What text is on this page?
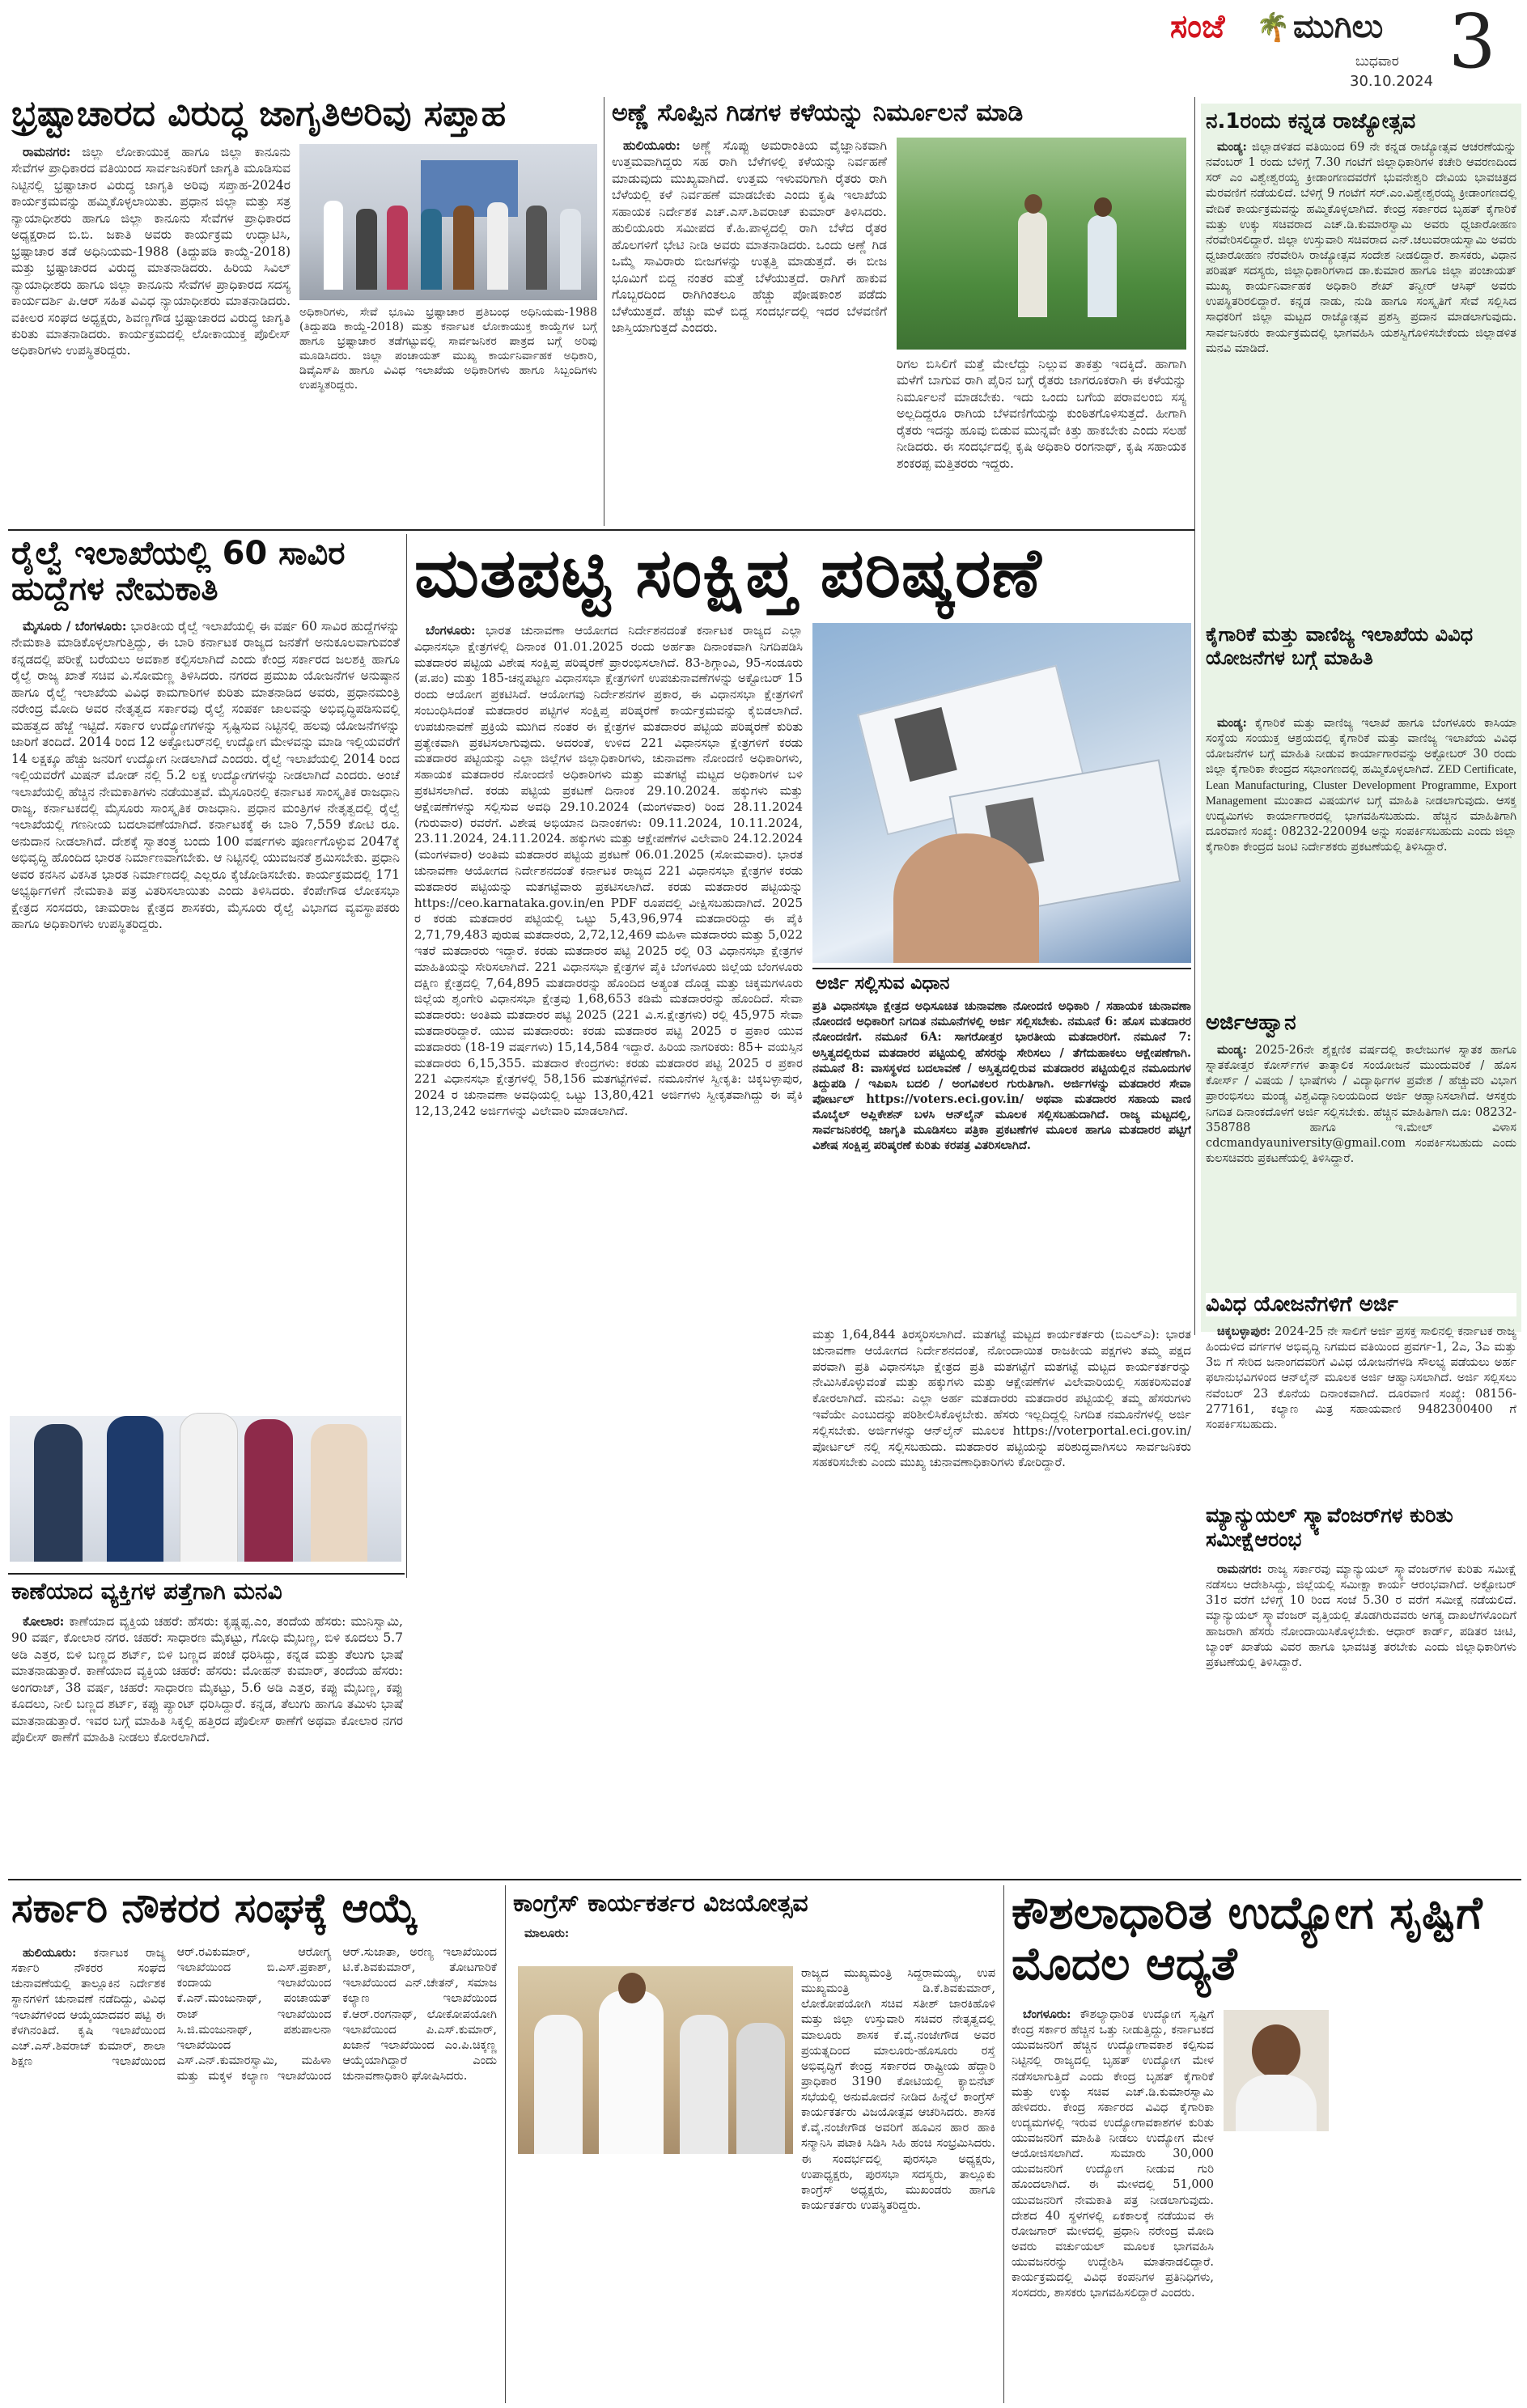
ಸಂಜೆ 🌴 ಮುಗಿಲು
ಬುಧವಾರ
30.10.2024 3
ಭ್ರಷ್ಟಾಚಾರದ ವಿರುದ್ಧ ಜಾಗೃತಿಅರಿವು ಸಪ್ತಾಹ

ರಾಮನಗರ: ಜಿಲ್ಲಾ ಲೋಕಾಯುಕ್ತ ಹಾಗೂ ಜಿಲ್ಲಾ ಕಾನೂನು ಸೇವೆಗಳ ಪ್ರಾಧಿಕಾರದ ವತಿಯಿಂದ ಸಾರ್ವಜನಿಕರಿಗೆ ಜಾಗೃತಿ ಮೂಡಿಸುವ ನಿಟ್ಟಿನಲ್ಲಿ ಭ್ರಷ್ಟಾಚಾರ ವಿರುದ್ಧ ಜಾಗೃತಿ ಅರಿವು ಸಪ್ತಾಹ-2024ರ ಕಾರ್ಯಕ್ರಮವನ್ನು ಹಮ್ಮಿಕೊಳ್ಳಲಾಯಿತು. ಪ್ರಧಾನ ಜಿಲ್ಲಾ ಮತ್ತು ಸತ್ರ ನ್ಯಾಯಾಧೀಶರು ಹಾಗೂ ಜಿಲ್ಲಾ ಕಾನೂನು ಸೇವೆಗಳ ಪ್ರಾಧಿಕಾರದ ಅಧ್ಯಕ್ಷರಾದ ಬಿ.ಬಿ. ಜಕಾತಿ ಅವರು ಕಾರ್ಯಕ್ರಮ ಉದ್ಘಾಟಿಸಿ, ಭ್ರಷ್ಟಾಚಾರ ತಡೆ ಅಧಿನಿಯಮ-1988 (ತಿದ್ದುಪಡಿ ಕಾಯ್ದೆ-2018) ಮತ್ತು ಭ್ರಷ್ಟಾಚಾರದ ವಿರುದ್ಧ ಮಾತನಾಡಿದರು. ಹಿರಿಯ ಸಿವಿಲ್ ನ್ಯಾಯಾಧೀಶರು ಹಾಗೂ ಜಿಲ್ಲಾ ಕಾನೂನು ಸೇವೆಗಳ ಪ್ರಾಧಿಕಾರದ ಸದಸ್ಯ ಕಾರ್ಯದರ್ಶಿ ಪಿ.ಆರ್ ಸಹಿತ ವಿವಿಧ ನ್ಯಾಯಾಧೀಶರು ಮಾತನಾಡಿದರು. ವಕೀಲರ ಸಂಘದ ಅಧ್ಯಕ್ಷರು, ಶಿವಣ್ಣಗೌಡ ಭ್ರಷ್ಟಾಚಾರದ ವಿರುದ್ಧ ಜಾಗೃತಿ ಕುರಿತು ಮಾತನಾಡಿದರು. ಕಾರ್ಯಕ್ರಮದಲ್ಲಿ ಲೋಕಾಯುಕ್ತ ಪೊಲೀಸ್ ಅಧಿಕಾರಿಗಳು ಉಪಸ್ಥಿತರಿದ್ದರು.

ಅಧಿಕಾರಿಗಳು, ಸೇವೆ ಭೂಮಿ ಭ್ರಷ್ಟಾಚಾರ ಪ್ರತಿಬಂಧ ಅಧಿನಿಯಮ-1988 (ತಿದ್ದುಪಡಿ ಕಾಯ್ದೆ-2018) ಮತ್ತು ಕರ್ನಾಟಕ ಲೋಕಾಯುಕ್ತ ಕಾಯ್ದೆಗಳ ಬಗ್ಗೆ ಹಾಗೂ ಭ್ರಷ್ಟಾಚಾರ ತಡೆಗಟ್ಟುವಲ್ಲಿ ಸಾರ್ವಜನಿಕರ ಪಾತ್ರದ ಬಗ್ಗೆ ಅರಿವು ಮೂಡಿಸಿದರು. ಜಿಲ್ಲಾ ಪಂಚಾಯತ್ ಮುಖ್ಯ ಕಾರ್ಯನಿರ್ವಾಹಕ ಅಧಿಕಾರಿ, ಡಿವೈಎಸ್‌ಪಿ ಹಾಗೂ ವಿವಿಧ ಇಲಾಖೆಯ ಅಧಿಕಾರಿಗಳು ಹಾಗೂ ಸಿಬ್ಬಂದಿಗಳು ಉಪಸ್ಥಿತರಿದ್ದರು.
ಅಣ್ಣೆ ಸೊಪ್ಪಿನ ಗಿಡಗಳ ಕಳೆಯನ್ನು ನಿರ್ಮೂಲನೆ ಮಾಡಿ

ಹುಲಿಯೂರು: ಅಣ್ಣೆ ಸೊಪ್ಪು ಅಮರಾಂತಿಯ ವೈಜ್ಞಾನಿಕವಾಗಿ ಉತ್ತಮವಾಗಿದ್ದರು ಸಹ ರಾಗಿ ಬೆಳೆಗಳಲ್ಲಿ ಕಳೆಯನ್ನು ನಿರ್ವಹಣೆ ಮಾಡುವುದು ಮುಖ್ಯವಾಗಿದೆ. ಉತ್ತಮ ಇಳುವರಿಗಾಗಿ ರೈತರು ರಾಗಿ ಬೆಳೆಯಲ್ಲಿ ಕಳೆ ನಿರ್ವಹಣೆ ಮಾಡಬೇಕು ಎಂದು ಕೃಷಿ ಇಲಾಖೆಯ ಸಹಾಯಕ ನಿರ್ದೇಶಕ ಎಚ್.ಎಸ್.ಶಿವರಾಜ್ ಕುಮಾರ್ ತಿಳಿಸಿದರು. ಹುಲಿಯೂರು ಸಮೀಪದ ಕೆ.ಹಿ.ಪಾಳ್ಯದಲ್ಲಿ ರಾಗಿ ಬೆಳೆದ ರೈತರ ಹೊಲಗಳಿಗೆ ಭೇಟಿ ನೀಡಿ ಅವರು ಮಾತನಾಡಿದರು. ಒಂದು ಅಣ್ಣೆ ಗಿಡ ಒಮ್ಮೆ ಸಾವಿರಾರು ಬೀಜಗಳನ್ನು ಉತ್ಪತ್ತಿ ಮಾಡುತ್ತದೆ. ಈ ಬೀಜ ಭೂಮಿಗೆ ಬಿದ್ದ ನಂತರ ಮತ್ತೆ ಬೆಳೆಯುತ್ತದೆ. ರಾಗಿಗೆ ಹಾಕುವ ಗೊಬ್ಬರದಿಂದ ರಾಗಿಗಿಂತಲೂ ಹೆಚ್ಚು ಪೋಷಕಾಂಶ ಪಡೆದು ಬೆಳೆಯುತ್ತದೆ. ಹೆಚ್ಚು ಮಳೆ ಬಿದ್ದ ಸಂದರ್ಭದಲ್ಲಿ ಇದರ ಬೆಳವಣಿಗೆ ಜಾಸ್ತಿಯಾಗುತ್ತದೆ ಎಂದರು.

ರಿಗಲ ಬಿಸಿಲಿಗೆ ಮತ್ತೆ ಮೇಲೆದ್ದು ನಿಲ್ಲುವ ತಾಕತ್ತು ಇದಕ್ಕಿದೆ. ಹಾಗಾಗಿ ಮಳೆಗೆ ಬಾಗುವ ರಾಗಿ ಪೈರಿನ ಬಗ್ಗೆ ರೈತರು ಜಾಗರೂಕರಾಗಿ ಈ ಕಳೆಯನ್ನು ನಿರ್ಮೂಲನೆ ಮಾಡಬೇಕು. ಇದು ಒಂದು ಬಗೆಯ ಪರಾವಲಂಬಿ ಸಸ್ಯ ಅಲ್ಲದಿದ್ದರೂ ರಾಗಿಯ ಬೆಳವಣಿಗೆಯನ್ನು ಕುಂಠಿತಗೊಳಿಸುತ್ತದೆ. ಹೀಗಾಗಿ ರೈತರು ಇದನ್ನು ಹೂವು ಬಿಡುವ ಮುನ್ನವೇ ಕಿತ್ತು ಹಾಕಬೇಕು ಎಂದು ಸಲಹೆ ನೀಡಿದರು. ಈ ಸಂದರ್ಭದಲ್ಲಿ ಕೃಷಿ ಅಧಿಕಾರಿ ರಂಗನಾಥ್, ಕೃಷಿ ಸಹಾಯಕ ಶಂಕರಪ್ಪ ಮತ್ತಿತರರು ಇದ್ದರು.
ನ.1ರಂದು ಕನ್ನಡ ರಾಜ್ಯೋತ್ಸವ

ಮಂಡ್ಯ: ಜಿಲ್ಲಾಡಳಿತದ ವತಿಯಿಂದ 69 ನೇ ಕನ್ನಡ ರಾಜ್ಯೋತ್ಸವ ಆಚರಣೆಯನ್ನು ನವೆಂಬರ್ 1 ರಂದು ಬೆಳಿಗ್ಗೆ 7.30 ಗಂಟೆಗೆ ಜಿಲ್ಲಾಧಿಕಾರಿಗಳ ಕಚೇರಿ ಆವರಣದಿಂದ ಸರ್ ಎಂ ವಿಶ್ವೇಶ್ವರಯ್ಯ ಕ್ರೀಡಾಂಗಣದವರೆಗೆ ಭುವನೇಶ್ವರಿ ದೇವಿಯ ಭಾವಚಿತ್ರದ ಮೆರವಣಿಗೆ ನಡೆಯಲಿದೆ. ಬೆಳಿಗ್ಗೆ 9 ಗಂಟೆಗೆ ಸರ್.ಎಂ.ವಿಶ್ವೇಶ್ವರಯ್ಯ ಕ್ರೀಡಾಂಗಣದಲ್ಲಿ ವೇದಿಕೆ ಕಾರ್ಯಕ್ರಮವನ್ನು ಹಮ್ಮಿಕೊಳ್ಳಲಾಗಿದೆ. ಕೇಂದ್ರ ಸರ್ಕಾರದ ಬೃಹತ್ ಕೈಗಾರಿಕೆ ಮತ್ತು ಉಕ್ಕು ಸಚಿವರಾದ ಎಚ್.ಡಿ.ಕುಮಾರಸ್ವಾಮಿ ಅವರು ಧ್ವಜಾರೋಹಣ ನೆರವೇರಿಸಲಿದ್ದಾರೆ. ಜಿಲ್ಲಾ ಉಸ್ತುವಾರಿ ಸಚಿವರಾದ ಎನ್.ಚಲುವರಾಯಸ್ವಾಮಿ ಅವರು ಧ್ವಜಾರೋಹಣ ನೆರವೇರಿಸಿ ರಾಜ್ಯೋತ್ಸವ ಸಂದೇಶ ನೀಡಲಿದ್ದಾರೆ. ಶಾಸಕರು, ವಿಧಾನ ಪರಿಷತ್ ಸದಸ್ಯರು, ಜಿಲ್ಲಾಧಿಕಾರಿಗಳಾದ ಡಾ.ಕುಮಾರ ಹಾಗೂ ಜಿಲ್ಲಾ ಪಂಚಾಯತ್ ಮುಖ್ಯ ಕಾರ್ಯನಿರ್ವಾಹಕ ಅಧಿಕಾರಿ ಶೇಖ್ ತನ್ವೀರ್ ಆಸಿಫ್ ಅವರು ಉಪಸ್ಥಿತರಿರಲಿದ್ದಾರೆ. ಕನ್ನಡ ನಾಡು, ನುಡಿ ಹಾಗೂ ಸಂಸ್ಕೃತಿಗೆ ಸೇವೆ ಸಲ್ಲಿಸಿದ ಸಾಧಕರಿಗೆ ಜಿಲ್ಲಾ ಮಟ್ಟದ ರಾಜ್ಯೋತ್ಸವ ಪ್ರಶಸ್ತಿ ಪ್ರದಾನ ಮಾಡಲಾಗುವುದು. ಸಾರ್ವಜನಿಕರು ಕಾರ್ಯಕ್ರಮದಲ್ಲಿ ಭಾಗವಹಿಸಿ ಯಶಸ್ವಿಗೊಳಿಸಬೇಕೆಂದು ಜಿಲ್ಲಾಡಳಿತ ಮನವಿ ಮಾಡಿದೆ.

ಕೈಗಾರಿಕೆ ಮತ್ತು ವಾಣಿಜ್ಯ ಇಲಾಖೆಯ ವಿವಿಧ ಯೋಜನೆಗಳ ಬಗ್ಗೆ ಮಾಹಿತಿ

ಮಂಡ್ಯ: ಕೈಗಾರಿಕೆ ಮತ್ತು ವಾಣಿಜ್ಯ ಇಲಾಖೆ ಹಾಗೂ ಬೆಂಗಳೂರು ಕಾಸಿಯಾ ಸಂಸ್ಥೆಯ ಸಂಯುಕ್ತ ಆಶ್ರಯದಲ್ಲಿ ಕೈಗಾರಿಕೆ ಮತ್ತು ವಾಣಿಜ್ಯ ಇಲಾಖೆಯ ವಿವಿಧ ಯೋಜನೆಗಳ ಬಗ್ಗೆ ಮಾಹಿತಿ ನೀಡುವ ಕಾರ್ಯಾಗಾರವನ್ನು ಅಕ್ಟೋಬರ್ 30 ರಂದು ಜಿಲ್ಲಾ ಕೈಗಾರಿಕಾ ಕೇಂದ್ರದ ಸಭಾಂಗಣದಲ್ಲಿ ಹಮ್ಮಿಕೊಳ್ಳಲಾಗಿದೆ. ZED Certificate, Lean Manufacturing, Cluster Development Programme, Export Management ಮುಂತಾದ ವಿಷಯಗಳ ಬಗ್ಗೆ ಮಾಹಿತಿ ನೀಡಲಾಗುವುದು. ಆಸಕ್ತ ಉದ್ಯಮಿಗಳು ಕಾರ್ಯಾಗಾರದಲ್ಲಿ ಭಾಗವಹಿಸಬಹುದು. ಹೆಚ್ಚಿನ ಮಾಹಿತಿಗಾಗಿ ದೂರವಾಣಿ ಸಂಖ್ಯೆ: 08232-220094 ಅನ್ನು ಸಂಪರ್ಕಿಸಬಹುದು ಎಂದು ಜಿಲ್ಲಾ ಕೈಗಾರಿಕಾ ಕೇಂದ್ರದ ಜಂಟಿ ನಿರ್ದೇಶಕರು ಪ್ರಕಟಣೆಯಲ್ಲಿ ತಿಳಿಸಿದ್ದಾರೆ.

ಅರ್ಜಿಆಹ್ವಾನ

ಮಂಡ್ಯ: 2025-26ನೇ ಶೈಕ್ಷಣಿಕ ವರ್ಷದಲ್ಲಿ ಕಾಲೇಜುಗಳ ಸ್ನಾತಕ ಹಾಗೂ ಸ್ನಾತಕೋತ್ತರ ಕೋರ್ಸ್‌ಗಳ ತಾತ್ಕಾಲಿಕ ಸಂಯೋಜನೆ ಮುಂದುವರಿಕೆ / ಹೊಸ ಕೋರ್ಸ್ / ವಿಷಯ / ಭಾಷೆಗಳು / ವಿದ್ಯಾರ್ಥಿಗಳ ಪ್ರವೇಶ / ಹೆಚ್ಚುವರಿ ವಿಭಾಗ ಪ್ರಾರಂಭಿಸಲು ಮಂಡ್ಯ ವಿಶ್ವವಿದ್ಯಾನಿಲಯದಿಂದ ಅರ್ಜಿ ಆಹ್ವಾನಿಸಲಾಗಿದೆ. ಆಸಕ್ತರು ನಿಗದಿತ ದಿನಾಂಕದೊಳಗೆ ಅರ್ಜಿ ಸಲ್ಲಿಸಬೇಕು. ಹೆಚ್ಚಿನ ಮಾಹಿತಿಗಾಗಿ ದೂ: 08232-358788 ಹಾಗೂ ಇ.ಮೇಲ್ ವಿಳಾಸ cdcmandyauniversity@gmail.com ಸಂಪರ್ಕಿಸಬಹುದು ಎಂದು ಕುಲಸಚಿವರು ಪ್ರಕಟಣೆಯಲ್ಲಿ ತಿಳಿಸಿದ್ದಾರೆ.

ವಿವಿಧ ಯೋಜನೆಗಳಿಗೆ ಅರ್ಜಿ

ಚಿಕ್ಕಬಳ್ಳಾಪುರ: 2024-25 ನೇ ಸಾಲಿಗೆ ಅರ್ಜಿ ಪ್ರಸಕ್ತ ಸಾಲಿನಲ್ಲಿ ಕರ್ನಾಟಕ ರಾಜ್ಯ ಹಿಂದುಳಿದ ವರ್ಗಗಳ ಅಭಿವೃದ್ಧಿ ನಿಗಮದ ವತಿಯಿಂದ ಪ್ರವರ್ಗ-1, 2ಎ, 3ಎ ಮತ್ತು 3ಬಿ ಗೆ ಸೇರಿದ ಜನಾಂಗದವರಿಗೆ ವಿವಿಧ ಯೋಜನೆಗಳಡಿ ಸೌಲಭ್ಯ ಪಡೆಯಲು ಅರ್ಹ ಫಲಾನುಭವಿಗಳಿಂದ ಆನ್‌ಲೈನ್ ಮೂಲಕ ಅರ್ಜಿ ಆಹ್ವಾನಿಸಲಾಗಿದೆ. ಅರ್ಜಿ ಸಲ್ಲಿಸಲು ನವೆಂಬರ್ 23 ಕೊನೆಯ ದಿನಾಂಕವಾಗಿದೆ. ದೂರವಾಣಿ ಸಂಖ್ಯೆ: 08156-277161, ಕಲ್ಯಾಣ ಮಿತ್ರ ಸಹಾಯವಾಣಿ 9482300400 ಗೆ ಸಂಪರ್ಕಿಸಬಹುದು.

ಮ್ಯಾನ್ಯುಯಲ್ ಸ್ಕ್ಯಾವೆಂಜರ್‌ಗಳ ಕುರಿತು ಸಮೀಕ್ಷೆಆರಂಭ

ರಾಮನಗರ: ರಾಜ್ಯ ಸರ್ಕಾರವು ಮ್ಯಾನ್ಯುಯಲ್ ಸ್ಕ್ಯಾವೆಂಜರ್‌ಗಳ ಕುರಿತು ಸಮೀಕ್ಷೆ ನಡೆಸಲು ಆದೇಶಿಸಿದ್ದು, ಜಿಲ್ಲೆಯಲ್ಲಿ ಸಮೀಕ್ಷಾ ಕಾರ್ಯ ಆರಂಭವಾಗಿದೆ. ಅಕ್ಟೋಬರ್ 31ರ ವರೆಗೆ ಬೆಳಿಗ್ಗೆ 10 ರಿಂದ ಸಂಜೆ 5.30 ರ ವರೆಗೆ ಸಮೀಕ್ಷೆ ನಡೆಯಲಿದೆ. ಮ್ಯಾನ್ಯುಯಲ್ ಸ್ಕ್ಯಾವೆಂಜರ್ ವೃತ್ತಿಯಲ್ಲಿ ತೊಡಗಿರುವವರು ಅಗತ್ಯ ದಾಖಲೆಗಳೊಂದಿಗೆ ಹಾಜರಾಗಿ ಹೆಸರು ನೋಂದಾಯಿಸಿಕೊಳ್ಳಬೇಕು. ಆಧಾರ್ ಕಾರ್ಡ್, ಪಡಿತರ ಚೀಟಿ, ಬ್ಯಾಂಕ್ ಖಾತೆಯ ವಿವರ ಹಾಗೂ ಭಾವಚಿತ್ರ ತರಬೇಕು ಎಂದು ಜಿಲ್ಲಾಧಿಕಾರಿಗಳು ಪ್ರಕಟಣೆಯಲ್ಲಿ ತಿಳಿಸಿದ್ದಾರೆ.

ರೈಲ್ವೆ ಇಲಾಖೆಯಲ್ಲಿ 60 ಸಾವಿರ ಹುದ್ದೆಗಳ ನೇಮಕಾತಿ

ಮೈಸೂರು / ಬೆಂಗಳೂರು: ಭಾರತೀಯ ರೈಲ್ವೆ ಇಲಾಖೆಯಲ್ಲಿ ಈ ವರ್ಷ 60 ಸಾವಿರ ಹುದ್ದೆಗಳನ್ನು ನೇಮಕಾತಿ ಮಾಡಿಕೊಳ್ಳಲಾಗುತ್ತಿದ್ದು, ಈ ಬಾರಿ ಕರ್ನಾಟಕ ರಾಜ್ಯದ ಜನತೆಗೆ ಅನುಕೂಲವಾಗುವಂತೆ ಕನ್ನಡದಲ್ಲಿ ಪರೀಕ್ಷೆ ಬರೆಯಲು ಅವಕಾಶ ಕಲ್ಪಿಸಲಾಗಿದೆ ಎಂದು ಕೇಂದ್ರ ಸರ್ಕಾರದ ಜಲಶಕ್ತಿ ಹಾಗೂ ರೈಲ್ವೆ ರಾಜ್ಯ ಖಾತೆ ಸಚಿವ ವಿ.ಸೋಮಣ್ಣ ತಿಳಿಸಿದರು. ನಗರದ ಪ್ರಮುಖ ಯೋಜನೆಗಳ ಅನುಷ್ಠಾನ ಹಾಗೂ ರೈಲ್ವೆ ಇಲಾಖೆಯ ವಿವಿಧ ಕಾಮಗಾರಿಗಳ ಕುರಿತು ಮಾತನಾಡಿದ ಅವರು, ಪ್ರಧಾನಮಂತ್ರಿ ನರೇಂದ್ರ ಮೋದಿ ಅವರ ನೇತೃತ್ವದ ಸರ್ಕಾರವು ರೈಲ್ವೆ ಸಂಪರ್ಕ ಜಾಲವನ್ನು ಅಭಿವೃದ್ಧಿಪಡಿಸುವಲ್ಲಿ ಮಹತ್ವದ ಹೆಜ್ಜೆ ಇಟ್ಟಿದೆ. ಸರ್ಕಾರ ಉದ್ಯೋಗಗಳನ್ನು ಸೃಷ್ಟಿಸುವ ನಿಟ್ಟಿನಲ್ಲಿ ಹಲವು ಯೋಜನೆಗಳನ್ನು ಜಾರಿಗೆ ತಂದಿದೆ. 2014 ರಿಂದ 12 ಅಕ್ಟೋಬರ್‌ನಲ್ಲಿ ಉದ್ಯೋಗ ಮೇಳವನ್ನು ಮಾಡಿ ಇಲ್ಲಿಯವರೆಗೆ 14 ಲಕ್ಷಕ್ಕೂ ಹೆಚ್ಚು ಜನರಿಗೆ ಉದ್ಯೋಗ ನೀಡಲಾಗಿದೆ ಎಂದರು. ರೈಲ್ವೆ ಇಲಾಖೆಯಲ್ಲಿ 2014 ರಿಂದ ಇಲ್ಲಿಯವರೆಗೆ ಮಿಷನ್ ಮೋಡ್ ನಲ್ಲಿ 5.2 ಲಕ್ಷ ಉದ್ಯೋಗಗಳನ್ನು ನೀಡಲಾಗಿದೆ ಎಂದರು. ಅಂಚೆ ಇಲಾಖೆಯಲ್ಲಿ ಹೆಚ್ಚಿನ ನೇಮಕಾತಿಗಳು ನಡೆಯುತ್ತವೆ. ಮೈಸೂರಿನಲ್ಲಿ ಕರ್ನಾಟಕ ಸಾಂಸ್ಕೃತಿಕ ರಾಜಧಾನಿ ರಾಜ್ಯ, ಕರ್ನಾಟಕದಲ್ಲಿ ಮೈಸೂರು ಸಾಂಸ್ಕೃತಿಕ ರಾಜಧಾನಿ. ಪ್ರಧಾನ ಮಂತ್ರಿಗಳ ನೇತೃತ್ವದಲ್ಲಿ ರೈಲ್ವೆ ಇಲಾಖೆಯಲ್ಲಿ ಗಣನೀಯ ಬದಲಾವಣೆಯಾಗಿದೆ. ಕರ್ನಾಟಕಕ್ಕೆ ಈ ಬಾರಿ 7,559 ಕೋಟಿ ರೂ. ಅನುದಾನ ನೀಡಲಾಗಿದೆ. ದೇಶಕ್ಕೆ ಸ್ವಾತಂತ್ರ್ಯ ಬಂದು 100 ವರ್ಷಗಳು ಪೂರ್ಣಗೊಳ್ಳುವ 2047ಕ್ಕೆ ಅಭಿವೃದ್ಧಿ ಹೊಂದಿದ ಭಾರತ ನಿರ್ಮಾಣವಾಗಬೇಕು. ಆ ನಿಟ್ಟಿನಲ್ಲಿ ಯುವಜನತೆ ಶ್ರಮಿಸಬೇಕು. ಪ್ರಧಾನಿ ಅವರ ಕನಸಿನ ವಿಕಸಿತ ಭಾರತ ನಿರ್ಮಾಣದಲ್ಲಿ ಎಲ್ಲರೂ ಕೈಜೋಡಿಸಬೇಕು. ಕಾರ್ಯಕ್ರಮದಲ್ಲಿ 171 ಅಭ್ಯರ್ಥಿಗಳಿಗೆ ನೇಮಕಾತಿ ಪತ್ರ ವಿತರಿಸಲಾಯಿತು ಎಂದು ತಿಳಿಸಿದರು. ಕೆಂಪೇಗೌಡ ಲೋಕಸಭಾ ಕ್ಷೇತ್ರದ ಸಂಸದರು, ಚಾಮರಾಜ ಕ್ಷೇತ್ರದ ಶಾಸಕರು, ಮೈಸೂರು ರೈಲ್ವೆ ವಿಭಾಗದ ವ್ಯವಸ್ಥಾಪಕರು ಹಾಗೂ ಅಧಿಕಾರಿಗಳು ಉಪಸ್ಥಿತರಿದ್ದರು.

ಮತಪಟ್ಟಿ ಸಂಕ್ಷಿಪ್ತ ಪರಿಷ್ಕರಣೆ

ಬೆಂಗಳೂರು: ಭಾರತ ಚುನಾವಣಾ ಆಯೋಗದ ನಿರ್ದೇಶನದಂತೆ ಕರ್ನಾಟಕ ರಾಜ್ಯದ ಎಲ್ಲಾ ವಿಧಾನಸಭಾ ಕ್ಷೇತ್ರಗಳಲ್ಲಿ ದಿನಾಂಕ 01.01.2025 ರಂದು ಅರ್ಹತಾ ದಿನಾಂಕವಾಗಿ ನಿಗದಿಪಡಿಸಿ ಮತದಾರರ ಪಟ್ಟಿಯ ವಿಶೇಷ ಸಂಕ್ಷಿಪ್ತ ಪರಿಷ್ಕರಣೆ ಪ್ರಾರಂಭಿಸಲಾಗಿದೆ. 83-ಶಿಗ್ಗಾಂವಿ, 95-ಸಂಡೂರು (ಪ.ಪಂ) ಮತ್ತು 185-ಚನ್ನಪಟ್ಟಣ ವಿಧಾನಸಭಾ ಕ್ಷೇತ್ರಗಳಿಗೆ ಉಪಚುನಾವಣೆಗಳನ್ನು ಅಕ್ಟೋಬರ್ 15 ರಂದು ಆಯೋಗ ಪ್ರಕಟಿಸಿದೆ. ಆಯೋಗವು ನಿರ್ದೇಶನಗಳ ಪ್ರಕಾರ, ಈ ವಿಧಾನಸಭಾ ಕ್ಷೇತ್ರಗಳಿಗೆ ಸಂಬಂಧಿಸಿದಂತೆ ಮತದಾರರ ಪಟ್ಟಿಗಳ ಸಂಕ್ಷಿಪ್ತ ಪರಿಷ್ಕರಣೆ ಕಾರ್ಯಕ್ರಮವನ್ನು ಕೈಬಿಡಲಾಗಿದೆ. ಉಪಚುನಾವಣೆ ಪ್ರಕ್ರಿಯೆ ಮುಗಿದ ನಂತರ ಈ ಕ್ಷೇತ್ರಗಳ ಮತದಾರರ ಪಟ್ಟಿಯ ಪರಿಷ್ಕರಣೆ ಕುರಿತು ಪ್ರತ್ಯೇಕವಾಗಿ ಪ್ರಕಟಿಸಲಾಗುವುದು. ಅದರಂತೆ, ಉಳಿದ 221 ವಿಧಾನಸಭಾ ಕ್ಷೇತ್ರಗಳಿಗೆ ಕರಡು ಮತದಾರರ ಪಟ್ಟಿಯನ್ನು ಎಲ್ಲಾ ಜಿಲ್ಲೆಗಳ ಜಿಲ್ಲಾಧಿಕಾರಿಗಳು, ಚುನಾವಣಾ ನೋಂದಣಿ ಅಧಿಕಾರಿಗಳು, ಸಹಾಯಕ ಮತದಾರರ ನೋಂದಣಿ ಅಧಿಕಾರಿಗಳು ಮತ್ತು ಮತಗಟ್ಟೆ ಮಟ್ಟದ ಅಧಿಕಾರಿಗಳ ಬಳಿ ಪ್ರಕಟಿಸಲಾಗಿದೆ. ಕರಡು ಪಟ್ಟಿಯ ಪ್ರಕಟಣೆ ದಿನಾಂಕ 29.10.2024. ಹಕ್ಕುಗಳು ಮತ್ತು ಆಕ್ಷೇಪಣೆಗಳನ್ನು ಸಲ್ಲಿಸುವ ಅವಧಿ 29.10.2024 (ಮಂಗಳವಾರ) ರಿಂದ 28.11.2024 (ಗುರುವಾರ) ರವರೆಗೆ. ವಿಶೇಷ ಅಭಿಯಾನ ದಿನಾಂಕಗಳು: 09.11.2024, 10.11.2024, 23.11.2024, 24.11.2024. ಹಕ್ಕುಗಳು ಮತ್ತು ಆಕ್ಷೇಪಣೆಗಳ ವಿಲೇವಾರಿ 24.12.2024 (ಮಂಗಳವಾರ) ಅಂತಿಮ ಮತದಾರರ ಪಟ್ಟಿಯ ಪ್ರಕಟಣೆ 06.01.2025 (ಸೋಮವಾರ). ಭಾರತ ಚುನಾವಣಾ ಆಯೋಗದ ನಿರ್ದೇಶನದಂತೆ ಕರ್ನಾಟಕ ರಾಜ್ಯದ 221 ವಿಧಾನಸಭಾ ಕ್ಷೇತ್ರಗಳ ಕರಡು ಮತದಾರರ ಪಟ್ಟಿಯನ್ನು ಮತಗಟ್ಟೆವಾರು ಪ್ರಕಟಿಸಲಾಗಿದೆ. ಕರಡು ಮತದಾರರ ಪಟ್ಟಿಯನ್ನು https://ceo.karnataka.gov.in/en PDF ರೂಪದಲ್ಲಿ ವೀಕ್ಷಿಸಬಹುದಾಗಿದೆ. 2025 ರ ಕರಡು ಮತದಾರರ ಪಟ್ಟಿಯಲ್ಲಿ ಒಟ್ಟು 5,43,96,974 ಮತದಾರರಿದ್ದು ಈ ಪೈಕಿ 2,71,79,483 ಪುರುಷ ಮತದಾರರು, 2,72,12,469 ಮಹಿಳಾ ಮತದಾರರು ಮತ್ತು 5,022 ಇತರೆ ಮತದಾರರು ಇದ್ದಾರೆ. ಕರಡು ಮತದಾರರ ಪಟ್ಟಿ 2025 ರಲ್ಲಿ 03 ವಿಧಾನಸಭಾ ಕ್ಷೇತ್ರಗಳ ಮಾಹಿತಿಯನ್ನು ಸೇರಿಸಲಾಗಿದೆ. 221 ವಿಧಾನಸಭಾ ಕ್ಷೇತ್ರಗಳ ಪೈಕಿ ಬೆಂಗಳೂರು ಜಿಲ್ಲೆಯ ಬೆಂಗಳೂರು ದಕ್ಷಿಣ ಕ್ಷೇತ್ರದಲ್ಲಿ 7,64,895 ಮತದಾರರನ್ನು ಹೊಂದಿದ ಅತ್ಯಂತ ದೊಡ್ಡ ಮತ್ತು ಚಿಕ್ಕಮಗಳೂರು ಜಿಲ್ಲೆಯ ಶೃಂಗೇರಿ ವಿಧಾನಸಭಾ ಕ್ಷೇತ್ರವು 1,68,653 ಕಡಿಮೆ ಮತದಾರರನ್ನು ಹೊಂದಿದೆ. ಸೇವಾ ಮತದಾರರು: ಅಂತಿಮ ಮತದಾರರ ಪಟ್ಟಿ 2025 (221 ವಿ.ಸ.ಕ್ಷೇತ್ರಗಳು) ರಲ್ಲಿ 45,975 ಸೇವಾ ಮತದಾರರಿದ್ದಾರೆ. ಯುವ ಮತದಾರರು: ಕರಡು ಮತದಾರರ ಪಟ್ಟಿ 2025 ರ ಪ್ರಕಾರ ಯುವ ಮತದಾರರು (18-19 ವರ್ಷಗಳು) 15,14,584 ಇದ್ದಾರೆ. ಹಿರಿಯ ನಾಗರಿಕರು: 85+ ವಯಸ್ಸಿನ ಮತದಾರರು 6,15,355. ಮತದಾರ ಕೇಂದ್ರಗಳು: ಕರಡು ಮತದಾರರ ಪಟ್ಟಿ 2025 ರ ಪ್ರಕಾರ 221 ವಿಧಾನಸಭಾ ಕ್ಷೇತ್ರಗಳಲ್ಲಿ 58,156 ಮತಗಟ್ಟೆಗಳಿವೆ. ನಮೂನೆಗಳ ಸ್ವೀಕೃತಿ: ಚಿಕ್ಕಬಳ್ಳಾಪುರ, 2024 ರ ಚುನಾವಣಾ ಅವಧಿಯಲ್ಲಿ ಒಟ್ಟು 13,80,421 ಅರ್ಜಿಗಳು ಸ್ವೀಕೃತವಾಗಿದ್ದು ಈ ಪೈಕಿ 12,13,242 ಅರ್ಜಿಗಳನ್ನು ವಿಲೇವಾರಿ ಮಾಡಲಾಗಿದೆ.

ಅರ್ಜಿ ಸಲ್ಲಿಸುವ ವಿಧಾನ
ಪ್ರತಿ ವಿಧಾನಸಭಾ ಕ್ಷೇತ್ರದ ಅಧಿಸೂಚಿತ ಚುನಾವಣಾ ನೋಂದಣಿ ಅಧಿಕಾರಿ / ಸಹಾಯಕ ಚುನಾವಣಾ ನೋಂದಣಿ ಅಧಿಕಾರಿಗೆ ನಿಗದಿತ ನಮೂನೆಗಳಲ್ಲಿ ಅರ್ಜಿ ಸಲ್ಲಿಸಬೇಕು. ನಮೂನೆ 6: ಹೊಸ ಮತದಾರರ ನೋಂದಣಿಗೆ. ನಮೂನೆ 6A: ಸಾಗರೋತ್ತರ ಭಾರತೀಯ ಮತದಾರರಿಗೆ. ನಮೂನೆ 7: ಅಸ್ತಿತ್ವದಲ್ಲಿರುವ ಮತದಾರರ ಪಟ್ಟಿಯಲ್ಲಿ ಹೆಸರನ್ನು ಸೇರಿಸಲು / ತೆಗೆದುಹಾಕಲು ಆಕ್ಷೇಪಣೆಗಾಗಿ. ನಮೂನೆ 8: ವಾಸಸ್ಥಳದ ಬದಲಾವಣೆ / ಅಸ್ತಿತ್ವದಲ್ಲಿರುವ ಮತದಾರರ ಪಟ್ಟಿಯಲ್ಲಿನ ನಮೂದುಗಳ ತಿದ್ದುಪಡಿ / ಇಪಿಐಸಿ ಬದಲಿ / ಅಂಗವಿಕಲರ ಗುರುತಿಗಾಗಿ. ಅರ್ಜಿಗಳನ್ನು ಮತದಾರರ ಸೇವಾ ಪೋರ್ಟಲ್ https://voters.eci.gov.in/ ಅಥವಾ ಮತದಾರರ ಸಹಾಯ ವಾಣಿ ಮೊಬೈಲ್ ಅಪ್ಲಿಕೇಶನ್ ಬಳಸಿ ಆನ್‌ಲೈನ್ ಮೂಲಕ ಸಲ್ಲಿಸಬಹುದಾಗಿದೆ. ರಾಜ್ಯ ಮಟ್ಟದಲ್ಲಿ, ಸಾರ್ವಜನಿಕರಲ್ಲಿ ಜಾಗೃತಿ ಮೂಡಿಸಲು ಪತ್ರಿಕಾ ಪ್ರಕಟಣೆಗಳ ಮೂಲಕ ಹಾಗೂ ಮತದಾರರ ಪಟ್ಟಿಗೆ ವಿಶೇಷ ಸಂಕ್ಷಿಪ್ತ ಪರಿಷ್ಕರಣೆ ಕುರಿತು ಕರಪತ್ರ ವಿತರಿಸಲಾಗಿದೆ.
ಮತ್ತು 1,64,844 ತಿರಸ್ಕರಿಸಲಾಗಿದೆ. ಮತಗಟ್ಟೆ ಮಟ್ಟದ ಕಾರ್ಯಕರ್ತರು (ಬಿಎಲ್‌ಎ): ಭಾರತ ಚುನಾವಣಾ ಆಯೋಗದ ನಿರ್ದೇಶನದಂತೆ, ನೋಂದಾಯಿತ ರಾಜಕೀಯ ಪಕ್ಷಗಳು ತಮ್ಮ ಪಕ್ಷದ ಪರವಾಗಿ ಪ್ರತಿ ವಿಧಾನಸಭಾ ಕ್ಷೇತ್ರದ ಪ್ರತಿ ಮತಗಟ್ಟೆಗೆ ಮತಗಟ್ಟೆ ಮಟ್ಟದ ಕಾರ್ಯಕರ್ತರನ್ನು ನೇಮಿಸಿಕೊಳ್ಳುವಂತೆ ಮತ್ತು ಹಕ್ಕುಗಳು ಮತ್ತು ಆಕ್ಷೇಪಣೆಗಳ ವಿಲೇವಾರಿಯಲ್ಲಿ ಸಹಕರಿಸುವಂತೆ ಕೋರಲಾಗಿದೆ. ಮನವಿ: ಎಲ್ಲಾ ಅರ್ಹ ಮತದಾರರು ಮತದಾರರ ಪಟ್ಟಿಯಲ್ಲಿ ತಮ್ಮ ಹೆಸರುಗಳು ಇವೆಯೇ ಎಂಬುದನ್ನು ಪರಿಶೀಲಿಸಿಕೊಳ್ಳಬೇಕು. ಹೆಸರು ಇಲ್ಲದಿದ್ದಲ್ಲಿ ನಿಗದಿತ ನಮೂನೆಗಳಲ್ಲಿ ಅರ್ಜಿ ಸಲ್ಲಿಸಬೇಕು. ಅರ್ಜಿಗಳನ್ನು ಆನ್‌ಲೈನ್ ಮೂಲಕ https://voterportal.eci.gov.in/ ಪೋರ್ಟಲ್ ನಲ್ಲಿ ಸಲ್ಲಿಸಬಹುದು. ಮತದಾರರ ಪಟ್ಟಿಯನ್ನು ಪರಿಶುದ್ಧವಾಗಿಸಲು ಸಾರ್ವಜನಿಕರು ಸಹಕರಿಸಬೇಕು ಎಂದು ಮುಖ್ಯ ಚುನಾವಣಾಧಿಕಾರಿಗಳು ಕೋರಿದ್ದಾರೆ.
ಕಾಣೆಯಾದ ವ್ಯಕ್ತಿಗಳ ಪತ್ತೆಗಾಗಿ ಮನವಿ

ಕೋಲಾರ: ಕಾಣೆಯಾದ ವ್ಯಕ್ತಿಯ ಚಹರೆ: ಹೆಸರು: ಕೃಷ್ಣಪ್ಪ.ಎಂ, ತಂದೆಯ ಹೆಸರು: ಮುನಿಸ್ವಾಮಿ, 90 ವರ್ಷ, ಕೋಲಾರ ನಗರ. ಚಹರೆ: ಸಾಧಾರಣ ಮೈಕಟ್ಟು, ಗೋಧಿ ಮೈಬಣ್ಣ, ಬಿಳಿ ಕೂದಲು 5.7 ಅಡಿ ಎತ್ತರ, ಬಿಳಿ ಬಣ್ಣದ ಶರ್ಟ್, ಬಿಳಿ ಬಣ್ಣದ ಪಂಚೆ ಧರಿಸಿದ್ದು, ಕನ್ನಡ ಮತ್ತು ತೆಲುಗು ಭಾಷೆ ಮಾತನಾಡುತ್ತಾರೆ. ಕಾಣೆಯಾದ ವ್ಯಕ್ತಿಯ ಚಹರೆ: ಹೆಸರು: ಮೋಹನ್ ಕುಮಾರ್, ತಂದೆಯ ಹೆಸರು: ಅಂಗರಾಜ್, 38 ವರ್ಷ, ಚಹರೆ: ಸಾಧಾರಣ ಮೈಕಟ್ಟು, 5.6 ಅಡಿ ಎತ್ತರ, ಕಪ್ಪು ಮೈಬಣ್ಣ, ಕಪ್ಪು ಕೂದಲು, ನೀಲಿ ಬಣ್ಣದ ಶರ್ಟ್, ಕಪ್ಪು ಪ್ಯಾಂಟ್ ಧರಿಸಿದ್ದಾರೆ. ಕನ್ನಡ, ತೆಲುಗು ಹಾಗೂ ತಮಿಳು ಭಾಷೆ ಮಾತನಾಡುತ್ತಾರೆ. ಇವರ ಬಗ್ಗೆ ಮಾಹಿತಿ ಸಿಕ್ಕಲ್ಲಿ ಹತ್ತಿರದ ಪೊಲೀಸ್ ಠಾಣೆಗೆ ಅಥವಾ ಕೋಲಾರ ನಗರ ಪೊಲೀಸ್ ಠಾಣೆಗೆ ಮಾಹಿತಿ ನೀಡಲು ಕೋರಲಾಗಿದೆ.

ಸರ್ಕಾರಿ ನೌಕರರ ಸಂಘಕ್ಕೆ ಆಯ್ಕೆ

ಹುಲಿಯೂರು: ಕರ್ನಾಟಕ ರಾಜ್ಯ ಸರ್ಕಾರಿ ನೌಕರರ ಸಂಘದ ಚುನಾವಣೆಯಲ್ಲಿ ತಾಲ್ಲೂಕಿನ ನಿರ್ದೇಶಕ ಸ್ಥಾನಗಳಿಗೆ ಚುನಾವಣೆ ನಡೆದಿದ್ದು, ವಿವಿಧ ಇಲಾಖೆಗಳಿಂದ ಆಯ್ಕೆಯಾದವರ ಪಟ್ಟಿ ಈ ಕೆಳಗಿನಂತಿದೆ. ಕೃಷಿ ಇಲಾಖೆಯಿಂದ ಎಚ್.ಎಸ್.ಶಿವರಾಜ್ ಕುಮಾರ್, ಶಾಲಾ ಶಿಕ್ಷಣ ಇಲಾಖೆಯಿಂದ ಆರ್.ರವಿಕುಮಾರ್, ಆರೋಗ್ಯ ಇಲಾಖೆಯಿಂದ ಬಿ.ಎಸ್.ಪ್ರಕಾಶ್, ಕಂದಾಯ ಇಲಾಖೆಯಿಂದ ಕೆ.ಎನ್.ಮಂಜುನಾಥ್, ಪಂಚಾಯತ್ ರಾಜ್ ಇಲಾಖೆಯಿಂದ ಸಿ.ಜಿ.ಮಂಜುನಾಥ್, ಪಶುಪಾಲನಾ ಇಲಾಖೆಯಿಂದ ಎಸ್.ಎನ್.ಕುಮಾರಸ್ವಾಮಿ, ಮಹಿಳಾ ಮತ್ತು ಮಕ್ಕಳ ಕಲ್ಯಾಣ ಇಲಾಖೆಯಿಂದ ಆರ್.ಸುಜಾತಾ, ಅರಣ್ಯ ಇಲಾಖೆಯಿಂದ ಟಿ.ಕೆ.ಶಿವಕುಮಾರ್, ತೋಟಗಾರಿಕೆ ಇಲಾಖೆಯಿಂದ ಎನ್.ಚೇತನ್, ಸಮಾಜ ಕಲ್ಯಾಣ ಇಲಾಖೆಯಿಂದ ಕೆ.ಆರ್.ರಂಗನಾಥ್, ಲೋಕೋಪಯೋಗಿ ಇಲಾಖೆಯಿಂದ ಪಿ.ಎಸ್.ಕುಮಾರ್, ಖಜಾನೆ ಇಲಾಖೆಯಿಂದ ಎಂ.ಪಿ.ಚಿಕ್ಕಣ್ಣ ಆಯ್ಕೆಯಾಗಿದ್ದಾರೆ ಎಂದು ಚುನಾವಣಾಧಿಕಾರಿ ಘೋಷಿಸಿದರು.

ಕಾಂಗ್ರೆಸ್ ಕಾರ್ಯಕರ್ತರ ವಿಜಯೋತ್ಸವ

ಮಾಲೂರು:

ರಾಜ್ಯದ ಮುಖ್ಯಮಂತ್ರಿ ಸಿದ್ದರಾಮಯ್ಯ, ಉಪ ಮುಖ್ಯಮಂತ್ರಿ ಡಿ.ಕೆ.ಶಿವಕುಮಾರ್, ಲೋಕೋಪಯೋಗಿ ಸಚಿವ ಸತೀಶ್ ಜಾರಕಿಹೊಳಿ ಮತ್ತು ಜಿಲ್ಲಾ ಉಸ್ತುವಾರಿ ಸಚಿವರ ನೇತೃತ್ವದಲ್ಲಿ ಮಾಲೂರು ಶಾಸಕ ಕೆ.ವೈ.ನಂಜೇಗೌಡ ಅವರ ಪ್ರಯತ್ನದಿಂದ ಮಾಲೂರು-ಹೊಸೂರು ರಸ್ತೆ ಅಭಿವೃದ್ಧಿಗೆ ಕೇಂದ್ರ ಸರ್ಕಾರದ ರಾಷ್ಟ್ರೀಯ ಹೆದ್ದಾರಿ ಪ್ರಾಧಿಕಾರ 3190 ಕೋಟಿಯಲ್ಲಿ ಕ್ಯಾಬಿನೆಟ್ ಸಭೆಯಲ್ಲಿ ಅನುಮೋದನೆ ನೀಡಿದ ಹಿನ್ನೆಲೆ ಕಾಂಗ್ರೆಸ್ ಕಾರ್ಯಕರ್ತರು ವಿಜಯೋತ್ಸವ ಆಚರಿಸಿದರು. ಶಾಸಕ ಕೆ.ವೈ.ನಂಜೇಗೌಡ ಅವರಿಗೆ ಹೂವಿನ ಹಾರ ಹಾಕಿ ಸನ್ಮಾನಿಸಿ ಪಟಾಕಿ ಸಿಡಿಸಿ ಸಿಹಿ ಹಂಚಿ ಸಂಭ್ರಮಿಸಿದರು. ಈ ಸಂದರ್ಭದಲ್ಲಿ ಪುರಸಭಾ ಅಧ್ಯಕ್ಷರು, ಉಪಾಧ್ಯಕ್ಷರು, ಪುರಸಭಾ ಸದಸ್ಯರು, ತಾಲ್ಲೂಕು ಕಾಂಗ್ರೆಸ್ ಅಧ್ಯಕ್ಷರು, ಮುಖಂಡರು ಹಾಗೂ ಕಾರ್ಯಕರ್ತರು ಉಪಸ್ಥಿತರಿದ್ದರು.
ಕೌಶಲಾಧಾರಿತ ಉದ್ಯೋಗ ಸೃಷ್ಟಿಗೆ ಮೊದಲ ಆದ್ಯತೆ

ಬೆಂಗಳೂರು: ಕೌಶಲ್ಯಾಧಾರಿತ ಉದ್ಯೋಗ ಸೃಷ್ಟಿಗೆ ಕೇಂದ್ರ ಸರ್ಕಾರ ಹೆಚ್ಚಿನ ಒತ್ತು ನೀಡುತ್ತಿದ್ದು, ಕರ್ನಾಟಕದ ಯುವಜನರಿಗೆ ಹೆಚ್ಚಿನ ಉದ್ಯೋಗಾವಕಾಶ ಕಲ್ಪಿಸುವ ನಿಟ್ಟಿನಲ್ಲಿ ರಾಜ್ಯದಲ್ಲಿ ಬೃಹತ್ ಉದ್ಯೋಗ ಮೇಳ ನಡೆಸಲಾಗುತ್ತಿದೆ ಎಂದು ಕೇಂದ್ರ ಬೃಹತ್ ಕೈಗಾರಿಕೆ ಮತ್ತು ಉಕ್ಕು ಸಚಿವ ಎಚ್.ಡಿ.ಕುಮಾರಸ್ವಾಮಿ ಹೇಳಿದರು. ಕೇಂದ್ರ ಸರ್ಕಾರದ ವಿವಿಧ ಕೈಗಾರಿಕಾ ಉದ್ಯಮಗಳಲ್ಲಿ ಇರುವ ಉದ್ಯೋಗಾವಕಾಶಗಳ ಕುರಿತು ಯುವಜನರಿಗೆ ಮಾಹಿತಿ ನೀಡಲು ಉದ್ಯೋಗ ಮೇಳ ಆಯೋಜಿಸಲಾಗಿದೆ. ಸುಮಾರು 30,000 ಯುವಜನರಿಗೆ ಉದ್ಯೋಗ ನೀಡುವ ಗುರಿ ಹೊಂದಲಾಗಿದೆ. ಈ ಮೇಳದಲ್ಲಿ 51,000 ಯುವಜನರಿಗೆ ನೇಮಕಾತಿ ಪತ್ರ ನೀಡಲಾಗುವುದು. ದೇಶದ 40 ಸ್ಥಳಗಳಲ್ಲಿ ಏಕಕಾಲಕ್ಕೆ ನಡೆಯುವ ಈ ರೋಜಗಾರ್ ಮೇಳದಲ್ಲಿ ಪ್ರಧಾನಿ ನರೇಂದ್ರ ಮೋದಿ ಅವರು ವರ್ಚುಯಲ್ ಮೂಲಕ ಭಾಗವಹಿಸಿ ಯುವಜನರನ್ನು ಉದ್ದೇಶಿಸಿ ಮಾತನಾಡಲಿದ್ದಾರೆ. ಕಾರ್ಯಕ್ರಮದಲ್ಲಿ ವಿವಿಧ ಕಂಪನಿಗಳ ಪ್ರತಿನಿಧಿಗಳು, ಸಂಸದರು, ಶಾಸಕರು ಭಾಗವಹಿಸಲಿದ್ದಾರೆ ಎಂದರು.
